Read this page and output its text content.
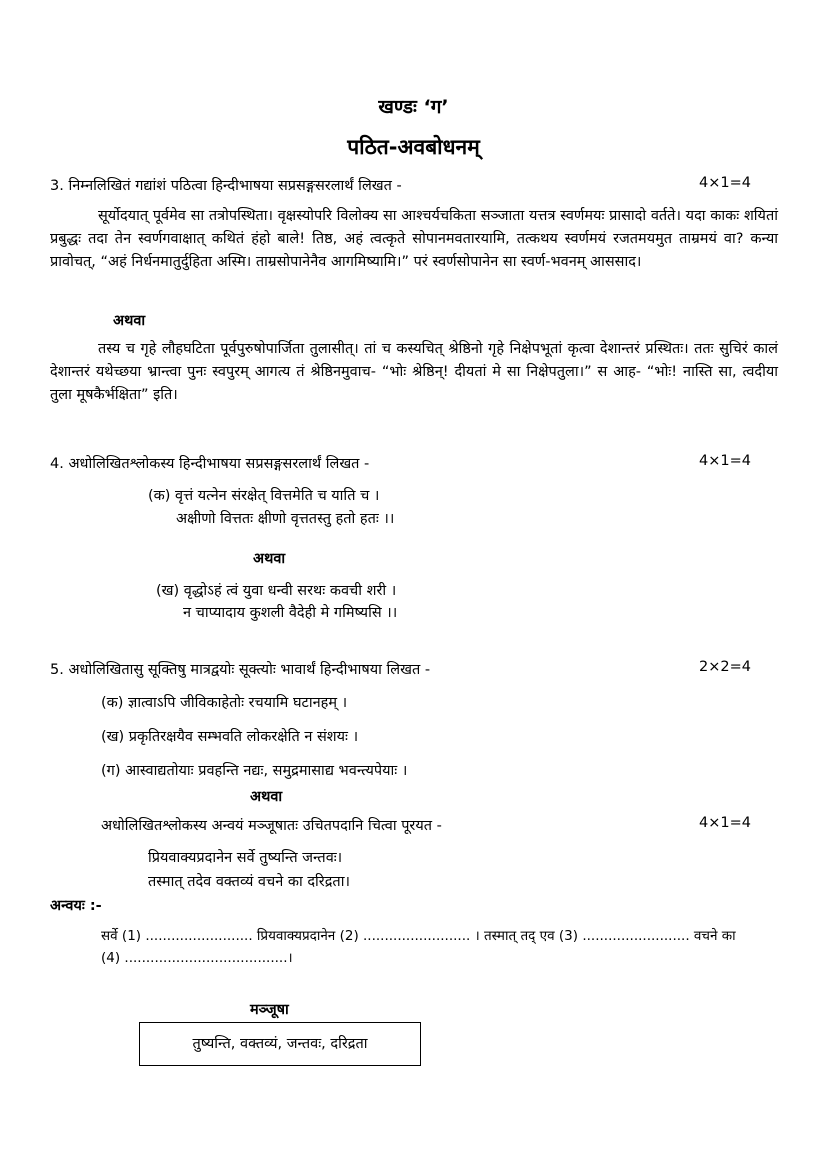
खण्डः ‘ग’
पठित-अवबोधनम्
3. निम्नलिखितं गद्यांशं पठित्वा हिन्दीभाषया सप्रसङ्गसरलार्थं लिखत -	4×1=4
सूर्योदयात् पूर्वमेव सा तत्रोपस्थिता। वृक्षस्योपरि विलोक्य सा आश्चर्यचकिता सञ्जाता यत्तत्र स्वर्णमयः प्रासादो वर्तते। यदा काकः शयितां प्रबुद्धः तदा तेन स्वर्णगवाक्षात् कथितं हंहो बाले! तिष्ठ, अहं त्वत्कृते सोपानमवतारयामि, तत्कथय स्वर्णमयं रजतमयमुत ताम्रमयं वा? कन्या प्रावोचत्, “अहं निर्धनमातुर्दुहिता अस्मि। ताम्रसोपानेनैव आगमिष्यामि।” परं स्वर्णसोपानेन सा स्वर्ण-भवनम् आससाद।
अथवा
तस्य च गृहे लौहघटिता पूर्वपुरुषोपार्जिता तुलासीत्। तां च कस्यचित् श्रेष्ठिनो गृहे निक्षेपभूतां कृत्वा देशान्तरं प्रस्थितः। ततः सुचिरं कालं देशान्तरं यथेच्छया भ्रान्त्वा पुनः स्वपुरम् आगत्य तं श्रेष्ठिनमुवाच- “भोः श्रेष्ठिन्! दीयतां मे सा निक्षेपतुला।” स आह- “भोः! नास्ति सा, त्वदीया तुला मूषकैर्भक्षिता” इति।
4. अधोलिखितश्लोकस्य हिन्दीभाषया सप्रसङ्गसरलार्थं लिखत -	4×1=4
(क) वृत्तं यत्नेन संरक्षेत् वित्तमेति च याति च ।
अक्षीणो वित्ततः क्षीणो वृत्ततस्तु हतो हतः ।।
अथवा
(ख) वृद्धोऽहं त्वं युवा धन्वी सरथः कवची शरी ।
न चाप्यादाय कुशली वैदेही मे गमिष्यसि ।।
5. अधोलिखितासु सूक्तिषु मात्रद्वयोः सूक्त्योः भावार्थं हिन्दीभाषया लिखत -	2×2=4
(क) ज्ञात्वाऽपि जीविकाहेतोः रचयामि घटानहम् ।
(ख) प्रकृतिरक्षयैव सम्भवति लोकरक्षेति न संशयः ।
(ग) आस्वाद्यतोयाः प्रवहन्ति नद्यः, समुद्रमासाद्य भवन्त्यपेयाः ।
अथवा
अधोलिखितश्लोकस्य अन्वयं मञ्जूषातः उचितपदानि चित्वा पूरयत -	4×1=4
प्रियवाक्यप्रदानेन सर्वे तुष्यन्ति जन्तवः।
तस्मात् तदेव वक्तव्यं वचने का दरिद्रता।
अन्वयः :-
सर्वे (1) ......................... प्रियवाक्यप्रदानेन (2) ......................... । तस्मात् तद् एव (3) ......................... वचने का
(4) ......................................।
मञ्जूषा
तुष्यन्ति, वक्तव्यं, जन्तवः, दरिद्रता
